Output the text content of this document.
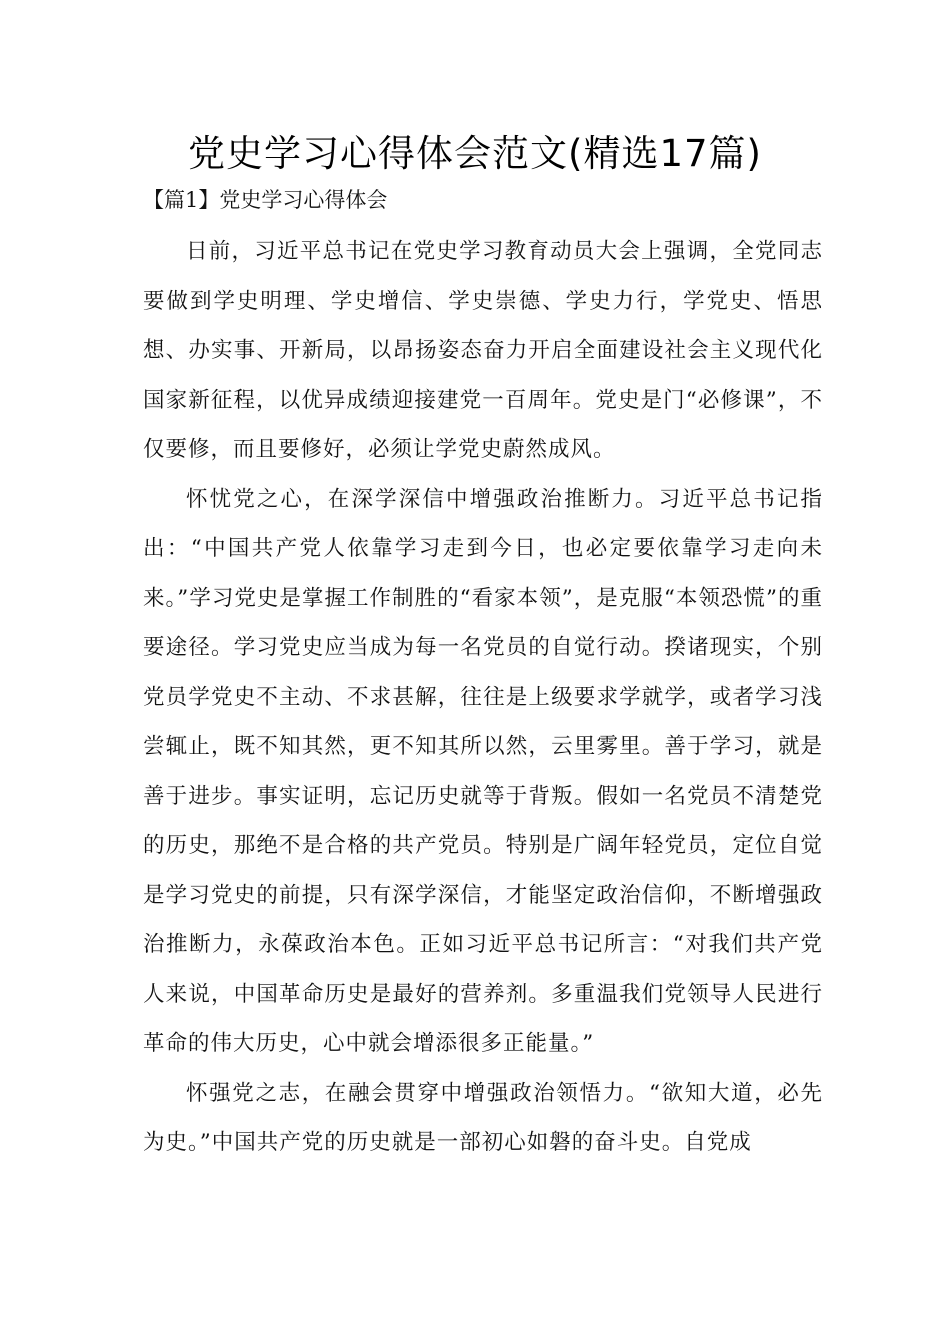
党史学习心得体会范文(精选17篇)
【篇1】党史学习心得体会

日前，习近平总书记在党史学习教育动员大会上强调，全党同志要做到学史明理、学史增信、学史崇德、学史力行，学党史、悟思想、办实事、开新局，以昂扬姿态奋力开启全面建设社会主义现代化国家新征程，以优异成绩迎接建党一百周年。党史是门“必修课”，不仅要修，而且要修好，必须让学党史蔚然成风。

怀忧党之心，在深学深信中增强政治推断力。习近平总书记指出：“中国共产党人依靠学习走到今日，也必定要依靠学习走向未来。”学习党史是掌握工作制胜的“看家本领”，是克服“本领恐慌”的重要途径。学习党史应当成为每一名党员的自觉行动。揆诸现实，个别党员学党史不主动、不求甚解，往往是上级要求学就学，或者学习浅尝辄止，既不知其然，更不知其所以然，云里雾里。善于学习，就是善于进步。事实证明，忘记历史就等于背叛。假如一名党员不清楚党的历史，那绝不是合格的共产党员。特别是广阔年轻党员，定位自觉是学习党史的前提，只有深学深信，才能坚定政治信仰，不断增强政治推断力，永葆政治本色。正如习近平总书记所言：“对我们共产党人来说，中国革命历史是最好的营养剂。多重温我们党领导人民进行革命的伟大历史，心中就会增添很多正能量。”

怀强党之志，在融会贯穿中增强政治领悟力。“欲知大道，必先为史。”中国共产党的历史就是一部初心如磐的奋斗史。自党成
